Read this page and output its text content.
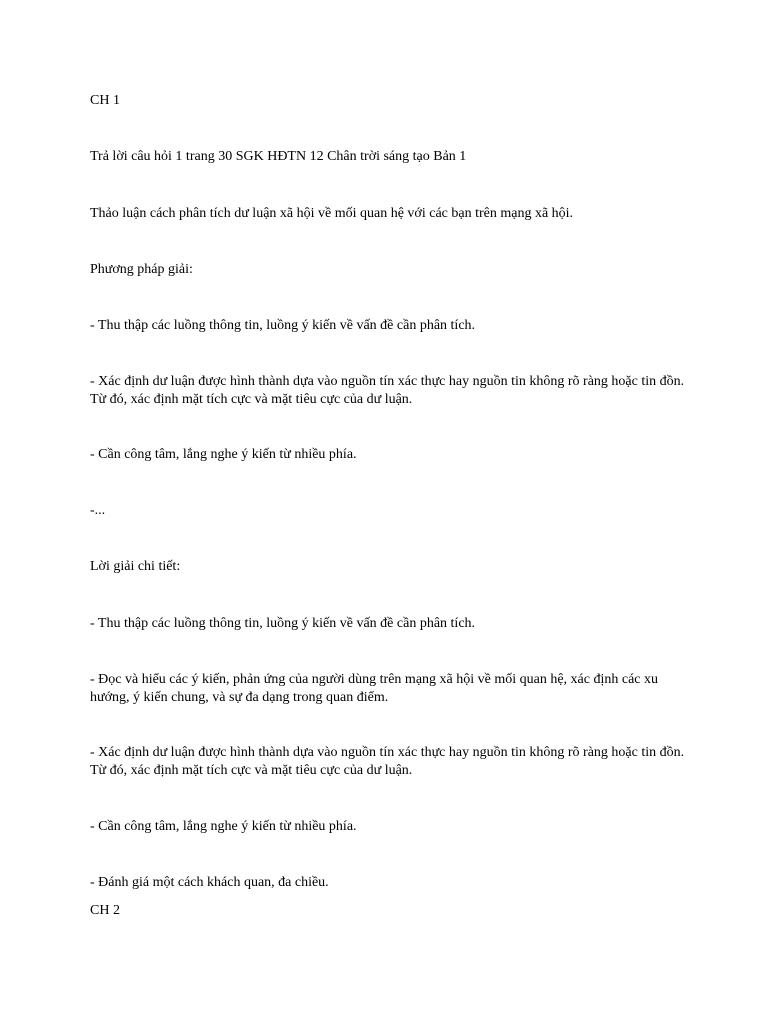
CH 1

Trả lời câu hỏi 1 trang 30 SGK HĐTN 12 Chân trời sáng tạo Bản 1

Thảo luận cách phân tích dư luận xã hội về mối quan hệ với các bạn trên mạng xã hội.

Phương pháp giải:

- Thu thập các luồng thông tin, luồng ý kiến về vấn đề cần phân tích.

- Xác định dư luận được hình thành dựa vào nguồn tín xác thực hay nguồn tin không rõ ràng hoặc tin đồn. Từ đó, xác định mặt tích cực và mặt tiêu cực của dư luận.

- Cần công tâm, lắng nghe ý kiến từ nhiều phía.

-...

Lời giải chi tiết:

- Thu thập các luồng thông tin, luồng ý kiến về vấn đề cần phân tích.

- Đọc và hiểu các ý kiến, phản ứng của người dùng trên mạng xã hội về mối quan hệ, xác định các xu hướng, ý kiến chung, và sự đa dạng trong quan điểm.

- Xác định dư luận được hình thành dựa vào nguồn tín xác thực hay nguồn tin không rõ ràng hoặc tin đồn. Từ đó, xác định mặt tích cực và mặt tiêu cực của dư luận.

- Cần công tâm, lắng nghe ý kiến từ nhiều phía.

- Đánh giá một cách khách quan, đa chiều.

CH 2
